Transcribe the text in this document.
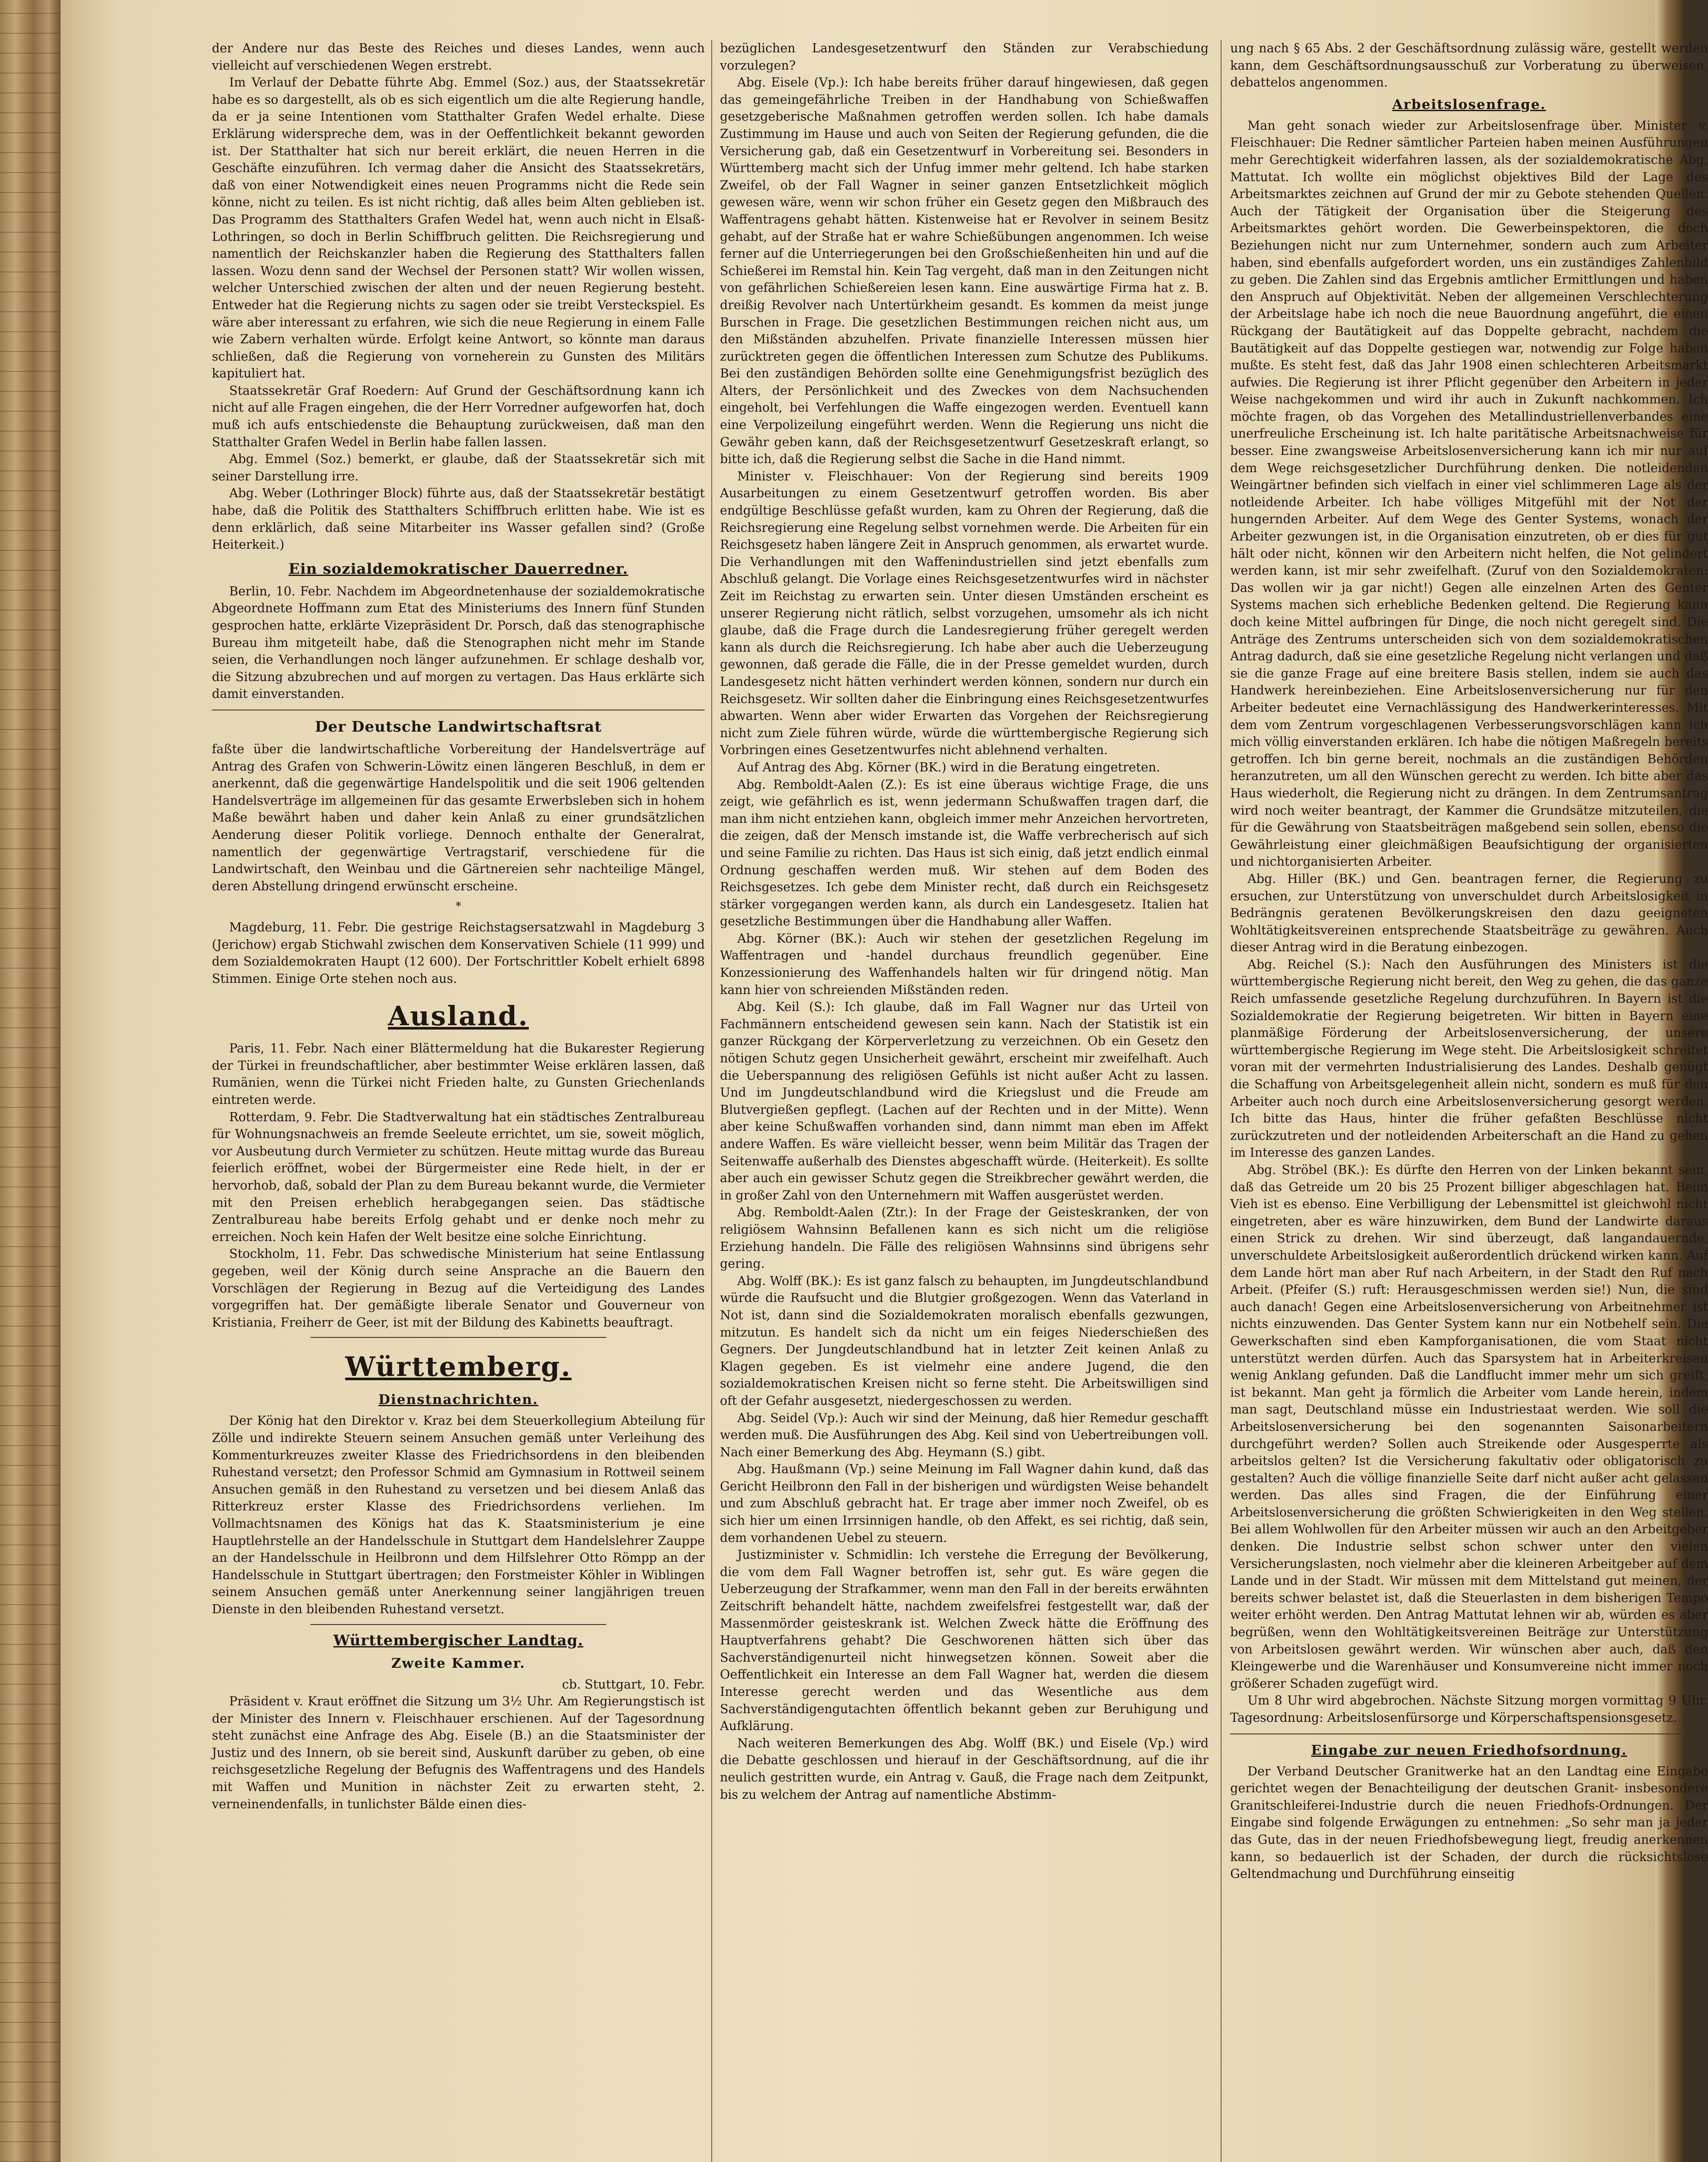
der Andere nur das Beste des Reiches und dieses Landes, wenn auch vielleicht auf verschiedenen Wegen erstrebt.

Im Verlauf der Debatte führte Abg. Emmel (Soz.) aus, der Staatssekretär habe es so dargestellt, als ob es sich eigentlich um die alte Regierung handle, da er ja seine Intentionen vom Statthalter Grafen Wedel erhalte. Diese Erklärung widerspreche dem, was in der Oeffentlichkeit bekannt geworden ist. Der Statthalter hat sich nur bereit erklärt, die neuen Herren in die Geschäfte einzuführen. Ich vermag daher die Ansicht des Staatssekretärs, daß von einer Notwendigkeit eines neuen Programms nicht die Rede sein könne, nicht zu teilen. Es ist nicht richtig, daß alles beim Alten geblieben ist. Das Programm des Statthalters Grafen Wedel hat, wenn auch nicht in Elsaß-Lothringen, so doch in Berlin Schiffbruch gelitten. Die Reichsregierung und namentlich der Reichskanzler haben die Regierung des Statthalters fallen lassen. Wozu denn sand der Wechsel der Personen statt? Wir wollen wissen, welcher Unterschied zwischen der alten und der neuen Regierung besteht. Entweder hat die Regierung nichts zu sagen oder sie treibt Versteckspiel. Es wäre aber interessant zu erfahren, wie sich die neue Regierung in einem Falle wie Zabern verhalten würde. Erfolgt keine Antwort, so könnte man daraus schließen, daß die Regierung von vorneherein zu Gunsten des Militärs kapituliert hat.

Staatssekretär Graf Roedern: Auf Grund der Geschäftsordnung kann ich nicht auf alle Fragen eingehen, die der Herr Vorredner aufgeworfen hat, doch muß ich aufs entschiedenste die Behauptung zurückweisen, daß man den Statthalter Grafen Wedel in Berlin habe fallen lassen.

Abg. Emmel (Soz.) bemerkt, er glaube, daß der Staatssekretär sich mit seiner Darstellung irre.

Abg. Weber (Lothringer Block) führte aus, daß der Staatssekretär bestätigt habe, daß die Politik des Statthalters Schiffbruch erlitten habe. Wie ist es denn erklärlich, daß seine Mitarbeiter ins Wasser gefallen sind? (Große Heiterkeit.)

Ein sozialdemokratischer Dauerredner.

Berlin, 10. Febr. Nachdem im Abgeordnetenhause der sozialdemokratische Abgeordnete Hoffmann zum Etat des Ministeriums des Innern fünf Stunden gesprochen hatte, erklärte Vizepräsident Dr. Porsch, daß das stenographische Bureau ihm mitgeteilt habe, daß die Stenographen nicht mehr im Stande seien, die Verhandlungen noch länger aufzunehmen. Er schlage deshalb vor, die Sitzung abzubrechen und auf morgen zu vertagen. Das Haus erklärte sich damit einverstanden.

Der Deutsche Landwirtschaftsrat

faßte über die landwirtschaftliche Vorbereitung der Handelsverträge auf Antrag des Grafen von Schwerin-Löwitz einen längeren Beschluß, in dem er anerkennt, daß die gegenwärtige Handelspolitik und die seit 1906 geltenden Handelsverträge im allgemeinen für das gesamte Erwerbsleben sich in hohem Maße bewährt haben und daher kein Anlaß zu einer grundsätzlichen Aenderung dieser Politik vorliege. Dennoch enthalte der Generalrat, namentlich der gegenwärtige Vertragstarif, verschiedene für die Landwirtschaft, den Weinbau und die Gärtnereien sehr nachteilige Mängel, deren Abstellung dringend erwünscht erscheine.

*

Magdeburg, 11. Febr. Die gestrige Reichstagsersatzwahl in Magdeburg 3 (Jerichow) ergab Stichwahl zwischen dem Konservativen Schiele (11 999) und dem Sozialdemokraten Haupt (12 600). Der Fortschrittler Kobelt erhielt 6898 Stimmen. Einige Orte stehen noch aus.

Ausland.

Paris, 11. Febr. Nach einer Blättermeldung hat die Bukarester Regierung der Türkei in freundschaftlicher, aber bestimmter Weise erklären lassen, daß Rumänien, wenn die Türkei nicht Frieden halte, zu Gunsten Griechenlands eintreten werde.

Rotterdam, 9. Febr. Die Stadtverwaltung hat ein städtisches Zentralbureau für Wohnungsnachweis an fremde Seeleute errichtet, um sie, soweit möglich, vor Ausbeutung durch Vermieter zu schützen. Heute mittag wurde das Bureau feierlich eröffnet, wobei der Bürgermeister eine Rede hielt, in der er hervorhob, daß, sobald der Plan zu dem Bureau bekannt wurde, die Vermieter mit den Preisen erheblich herabgegangen seien. Das städtische Zentralbureau habe bereits Erfolg gehabt und er denke noch mehr zu erreichen. Noch kein Hafen der Welt besitze eine solche Einrichtung.

Stockholm, 11. Febr. Das schwedische Ministerium hat seine Entlassung gegeben, weil der König durch seine Ansprache an die Bauern den Vorschlägen der Regierung in Bezug auf die Verteidigung des Landes vorgegriffen hat. Der gemäßigte liberale Senator und Gouverneur von Kristiania, Freiherr de Geer, ist mit der Bildung des Kabinetts beauftragt.

Württemberg.
Dienstnachrichten.

Der König hat den Direktor v. Kraz bei dem Steuerkollegium Abteilung für Zölle und indirekte Steuern seinem Ansuchen gemäß unter Verleihung des Kommenturkreuzes zweiter Klasse des Friedrichsordens in den bleibenden Ruhestand versetzt; den Professor Schmid am Gymnasium in Rottweil seinem Ansuchen gemäß in den Ruhestand zu versetzen und bei diesem Anlaß das Ritterkreuz erster Klasse des Friedrichsordens verliehen. Im Vollmachtsnamen des Königs hat das K. Staatsministerium je eine Hauptlehrstelle an der Handelsschule in Stuttgart dem Handelslehrer Zauppe an der Handelsschule in Heilbronn und dem Hilfslehrer Otto Römpp an der Handelsschule in Stuttgart übertragen; den Forstmeister Köhler in Wiblingen seinem Ansuchen gemäß unter Anerkennung seiner langjährigen treuen Dienste in den bleibenden Ruhestand versetzt.

Württembergischer Landtag.
Zweite Kammer.

cb. Stuttgart, 10. Febr.

Präsident v. Kraut eröffnet die Sitzung um 3½ Uhr. Am Regierungstisch ist der Minister des Innern v. Fleischhauer erschienen. Auf der Tagesordnung steht zunächst eine Anfrage des Abg. Eisele (B.) an die Staatsminister der Justiz und des Innern, ob sie bereit sind, Auskunft darüber zu geben, ob eine reichsgesetzliche Regelung der Befugnis des Waffentragens und des Handels mit Waffen und Munition in nächster Zeit zu erwarten steht, 2. verneinendenfalls, in tunlichster Bälde einen dies-

bezüglichen Landesgesetzentwurf den Ständen zur Verabschiedung vorzulegen?

Abg. Eisele (Vp.): Ich habe bereits früher darauf hingewiesen, daß gegen das gemeingefährliche Treiben in der Handhabung von Schießwaffen gesetzgeberische Maßnahmen getroffen werden sollen. Ich habe damals Zustimmung im Hause und auch von Seiten der Regierung gefunden, die die Versicherung gab, daß ein Gesetzentwurf in Vorbereitung sei. Besonders in Württemberg macht sich der Unfug immer mehr geltend. Ich habe starken Zweifel, ob der Fall Wagner in seiner ganzen Entsetzlichkeit möglich gewesen wäre, wenn wir schon früher ein Gesetz gegen den Mißbrauch des Waffentragens gehabt hätten. Kistenweise hat er Revolver in seinem Besitz gehabt, auf der Straße hat er wahre Schießübungen angenommen. Ich weise ferner auf die Unterriegerungen bei den Großschießenheiten hin und auf die Schießerei im Remstal hin. Kein Tag vergeht, daß man in den Zeitungen nicht von gefährlichen Schießereien lesen kann. Eine auswärtige Firma hat z. B. dreißig Revolver nach Untertürkheim gesandt. Es kommen da meist junge Burschen in Frage. Die gesetzlichen Bestimmungen reichen nicht aus, um den Mißständen abzuhelfen. Private finanzielle Interessen müssen hier zurücktreten gegen die öffentlichen Interessen zum Schutze des Publikums. Bei den zuständigen Behörden sollte eine Genehmigungsfrist bezüglich des Alters, der Persönlichkeit und des Zweckes von dem Nachsuchenden eingeholt, bei Verfehlungen die Waffe eingezogen werden. Eventuell kann eine Verpolizeilung eingeführt werden. Wenn die Regierung uns nicht die Gewähr geben kann, daß der Reichsgesetzentwurf Gesetzeskraft erlangt, so bitte ich, daß die Regierung selbst die Sache in die Hand nimmt.

Minister v. Fleischhauer: Von der Regierung sind bereits 1909 Ausarbeitungen zu einem Gesetzentwurf getroffen worden. Bis aber endgültige Beschlüsse gefaßt wurden, kam zu Ohren der Regierung, daß die Reichsregierung eine Regelung selbst vornehmen werde. Die Arbeiten für ein Reichsgesetz haben längere Zeit in Anspruch genommen, als erwartet wurde. Die Verhandlungen mit den Waffenindustriellen sind jetzt ebenfalls zum Abschluß gelangt. Die Vorlage eines Reichsgesetzentwurfes wird in nächster Zeit im Reichstag zu erwarten sein. Unter diesen Umständen erscheint es unserer Regierung nicht rätlich, selbst vorzugehen, umsomehr als ich nicht glaube, daß die Frage durch die Landesregierung früher geregelt werden kann als durch die Reichsregierung. Ich habe aber auch die Ueberzeugung gewonnen, daß gerade die Fälle, die in der Presse gemeldet wurden, durch Landesgesetz nicht hätten verhindert werden können, sondern nur durch ein Reichsgesetz. Wir sollten daher die Einbringung eines Reichsgesetzentwurfes abwarten. Wenn aber wider Erwarten das Vorgehen der Reichsregierung nicht zum Ziele führen würde, würde die württembergische Regierung sich Vorbringen eines Gesetzentwurfes nicht ablehnend verhalten.

Auf Antrag des Abg. Körner (BK.) wird in die Beratung eingetreten.

Abg. Remboldt-Aalen (Z.): Es ist eine überaus wichtige Frage, die uns zeigt, wie gefährlich es ist, wenn jedermann Schußwaffen tragen darf, die man ihm nicht entziehen kann, obgleich immer mehr Anzeichen hervortreten, die zeigen, daß der Mensch imstande ist, die Waffe verbrecherisch auf sich und seine Familie zu richten. Das Haus ist sich einig, daß jetzt endlich einmal Ordnung geschaffen werden muß. Wir stehen auf dem Boden des Reichsgesetzes. Ich gebe dem Minister recht, daß durch ein Reichsgesetz stärker vorgegangen werden kann, als durch ein Landesgesetz. Italien hat gesetzliche Bestimmungen über die Handhabung aller Waffen.

Abg. Körner (BK.): Auch wir stehen der gesetzlichen Regelung im Waffentragen und -handel durchaus freundlich gegenüber. Eine Konzessionierung des Waffenhandels halten wir für dringend nötig. Man kann hier von schreienden Mißständen reden.

Abg. Keil (S.): Ich glaube, daß im Fall Wagner nur das Urteil von Fachmännern entscheidend gewesen sein kann. Nach der Statistik ist ein ganzer Rückgang der Körperverletzung zu verzeichnen. Ob ein Gesetz den nötigen Schutz gegen Unsicherheit gewährt, erscheint mir zweifelhaft. Auch die Ueberspannung des religiösen Gefühls ist nicht außer Acht zu lassen. Und im Jungdeutschlandbund wird die Kriegslust und die Freude am Blutvergießen gepflegt. (Lachen auf der Rechten und in der Mitte). Wenn aber keine Schußwaffen vorhanden sind, dann nimmt man eben im Affekt andere Waffen. Es wäre vielleicht besser, wenn beim Militär das Tragen der Seitenwaffe außerhalb des Dienstes abgeschafft würde. (Heiterkeit). Es sollte aber auch ein gewisser Schutz gegen die Streikbrecher gewährt werden, die in großer Zahl von den Unternehmern mit Waffen ausgerüstet werden.

Abg. Remboldt-Aalen (Ztr.): In der Frage der Geisteskranken, der von religiösem Wahnsinn Befallenen kann es sich nicht um die religiöse Erziehung handeln. Die Fälle des religiösen Wahnsinns sind übrigens sehr gering.

Abg. Wolff (BK.): Es ist ganz falsch zu behaupten, im Jungdeutschlandbund würde die Raufsucht und die Blutgier großgezogen. Wenn das Vaterland in Not ist, dann sind die Sozialdemokraten moralisch ebenfalls gezwungen, mitzutun. Es handelt sich da nicht um ein feiges Niederschießen des Gegners. Der Jungdeutschlandbund hat in letzter Zeit keinen Anlaß zu Klagen gegeben. Es ist vielmehr eine andere Jugend, die den sozialdemokratischen Kreisen nicht so ferne steht. Die Arbeitswilligen sind oft der Gefahr ausgesetzt, niedergeschossen zu werden.

Abg. Seidel (Vp.): Auch wir sind der Meinung, daß hier Remedur geschafft werden muß. Die Ausführungen des Abg. Keil sind von Uebertreibungen voll. Nach einer Bemerkung des Abg. Heymann (S.) gibt.

Abg. Haußmann (Vp.) seine Meinung im Fall Wagner dahin kund, daß das Gericht Heilbronn den Fall in der bisherigen und würdigsten Weise behandelt und zum Abschluß gebracht hat. Er trage aber immer noch Zweifel, ob es sich hier um einen Irrsinnigen handle, ob den Affekt, es sei richtig, daß sein, dem vorhandenen Uebel zu steuern.

Justizminister v. Schmidlin: Ich verstehe die Erregung der Bevölkerung, die vom dem Fall Wagner betroffen ist, sehr gut. Es wäre gegen die Ueberzeugung der Strafkammer, wenn man den Fall in der bereits erwähnten Zeitschrift behandelt hätte, nachdem zweifelsfrei festgestellt war, daß der Massenmörder geisteskrank ist. Welchen Zweck hätte die Eröffnung des Hauptverfahrens gehabt? Die Geschworenen hätten sich über das Sachverständigenurteil nicht hinwegsetzen können. Soweit aber die Oeffentlichkeit ein Interesse an dem Fall Wagner hat, werden die diesem Interesse gerecht werden und das Wesentliche aus dem Sachverständigengutachten öffentlich bekannt geben zur Beruhigung und Aufklärung.

Nach weiteren Bemerkungen des Abg. Wolff (BK.) und Eisele (Vp.) wird die Debatte geschlossen und hierauf in der Geschäftsordnung, auf die ihr neulich gestritten wurde, ein Antrag v. Gauß, die Frage nach dem Zeitpunkt, bis zu welchem der Antrag auf namentliche Abstimm-

ung nach § 65 Abs. 2 der Geschäftsordnung zulässig wäre, gestellt werden kann, dem Geschäftsordnungsausschuß zur Vorberatung zu überweisen, debattelos angenommen.

Arbeitslosenfrage.

Man geht sonach wieder zur Arbeitslosenfrage über. Minister v. Fleischhauer: Die Redner sämtlicher Parteien haben meinen Ausführungen mehr Gerechtigkeit widerfahren lassen, als der sozialdemokratische Abg. Mattutat. Ich wollte ein möglichst objektives Bild der Lage des Arbeitsmarktes zeichnen auf Grund der mir zu Gebote stehenden Quellen. Auch der Tätigkeit der Organisation über die Steigerung des Arbeitsmarktes gehört worden. Die Gewerbeinspektoren, die doch Beziehungen nicht nur zum Unternehmer, sondern auch zum Arbeiter haben, sind ebenfalls aufgefordert worden, uns ein zuständiges Zahlenbild zu geben. Die Zahlen sind das Ergebnis amtlicher Ermittlungen und haben den Anspruch auf Objektivität. Neben der allgemeinen Verschlechterung der Arbeitslage habe ich noch die neue Bauordnung angeführt, die einen Rückgang der Bautätigkeit auf das Doppelte gebracht, nachdem die Bautätigkeit auf das Doppelte gestiegen war, notwendig zur Folge haben mußte. Es steht fest, daß das Jahr 1908 einen schlechteren Arbeitsmarkt aufwies. Die Regierung ist ihrer Pflicht gegenüber den Arbeitern in jeder Weise nachgekommen und wird ihr auch in Zukunft nachkommen. Ich möchte fragen, ob das Vorgehen des Metallindustriellenverbandes eine unerfreuliche Erscheinung ist. Ich halte paritätische Arbeitsnachweise für besser. Eine zwangsweise Arbeitslosenversicherung kann ich mir nur auf dem Wege reichsgesetzlicher Durchführung denken. Die notleidenden Weingärtner befinden sich vielfach in einer viel schlimmeren Lage als der notleidende Arbeiter. Ich habe völliges Mitgefühl mit der Not der hungernden Arbeiter. Auf dem Wege des Genter Systems, wonach der Arbeiter gezwungen ist, in die Organisation einzutreten, ob er dies für gut hält oder nicht, können wir den Arbeitern nicht helfen, die Not gelindert werden kann, ist mir sehr zweifelhaft. (Zuruf von den Sozialdemokraten: Das wollen wir ja gar nicht!) Gegen alle einzelnen Arten des Genter Systems machen sich erhebliche Bedenken geltend. Die Regierung kann doch keine Mittel aufbringen für Dinge, die noch nicht geregelt sind. Die Anträge des Zentrums unterscheiden sich von dem sozialdemokratischen Antrag dadurch, daß sie eine gesetzliche Regelung nicht verlangen und daß sie die ganze Frage auf eine breitere Basis stellen, indem sie auch das Handwerk hereinbeziehen. Eine Arbeitslosenversicherung nur für den Arbeiter bedeutet eine Vernachlässigung des Handwerkerinteresses. Mit dem vom Zentrum vorgeschlagenen Verbesserungsvorschlägen kann ich mich völlig einverstanden erklären. Ich habe die nötigen Maßregeln bereits getroffen. Ich bin gerne bereit, nochmals an die zuständigen Behörden heranzutreten, um all den Wünschen gerecht zu werden. Ich bitte aber das Haus wiederholt, die Regierung nicht zu drängen. In dem Zentrumsantrag wird noch weiter beantragt, der Kammer die Grundsätze mitzuteilen, die für die Gewährung von Staatsbeiträgen maßgebend sein sollen, ebenso die Gewährleistung einer gleichmäßigen Beaufsichtigung der organisierten und nichtorganisierten Arbeiter.

Abg. Hiller (BK.) und Gen. beantragen ferner, die Regierung zu ersuchen, zur Unterstützung von unverschuldet durch Arbeitslosigkeit in Bedrängnis geratenen Bevölkerungskreisen den dazu geeigneten Wohltätigkeitsvereinen entsprechende Staatsbeiträge zu gewähren. Auch dieser Antrag wird in die Beratung einbezogen.

Abg. Reichel (S.): Nach den Ausführungen des Ministers ist die württembergische Regierung nicht bereit, den Weg zu gehen, die das ganze Reich umfassende gesetzliche Regelung durchzuführen. In Bayern ist die Sozialdemokratie der Regierung beigetreten. Wir bitten in Bayern eine planmäßige Förderung der Arbeitslosenversicherung, der unsere württembergische Regierung im Wege steht. Die Arbeitslosigkeit schreitet voran mit der vermehrten Industrialisierung des Landes. Deshalb genügt die Schaffung von Arbeitsgelegenheit allein nicht, sondern es muß für den Arbeiter auch noch durch eine Arbeitslosenversicherung gesorgt werden. Ich bitte das Haus, hinter die früher gefaßten Beschlüsse nicht zurückzutreten und der notleidenden Arbeiterschaft an die Hand zu gehen im Interesse des ganzen Landes.

Abg. Ströbel (BK.): Es dürfte den Herren von der Linken bekannt sein, daß das Getreide um 20 bis 25 Prozent billiger abgeschlagen hat. Beim Vieh ist es ebenso. Eine Verbilligung der Lebensmittel ist gleichwohl nicht eingetreten, aber es wäre hinzuwirken, dem Bund der Landwirte daraus einen Strick zu drehen. Wir sind überzeugt, daß langandauernde, unverschuldete Arbeitslosigkeit außerordentlich drückend wirken kann. Auf dem Lande hört man aber Ruf nach Arbeitern, in der Stadt den Ruf nach Arbeit. (Pfeifer (S.) ruft: Herausgeschmissen werden sie!) Nun, die sind auch danach! Gegen eine Arbeitslosenversicherung von Arbeitnehmer ist nichts einzuwenden. Das Genter System kann nur ein Notbehelf sein. Die Gewerkschaften sind eben Kampforganisationen, die vom Staat nicht unterstützt werden dürfen. Auch das Sparsystem hat in Arbeiterkreisen wenig Anklang gefunden. Daß die Landflucht immer mehr um sich greift, ist bekannt. Man geht ja förmlich die Arbeiter vom Lande herein, indem man sagt, Deutschland müsse ein Industriestaat werden. Wie soll die Arbeitslosenversicherung bei den sogenannten Saisonarbeitern durchgeführt werden? Sollen auch Streikende oder Ausgesperrte als arbeitslos gelten? Ist die Versicherung fakultativ oder obligatorisch zu gestalten? Auch die völlige finanzielle Seite darf nicht außer acht gelassen werden. Das alles sind Fragen, die der Einführung einer Arbeitslosenversicherung die größten Schwierigkeiten in den Weg stellen. Bei allem Wohlwollen für den Arbeiter müssen wir auch an den Arbeitgeber denken. Die Industrie selbst schon schwer unter den vielen Versicherungslasten, noch vielmehr aber die kleineren Arbeitgeber auf dem Lande und in der Stadt. Wir müssen mit dem Mittelstand gut meinen, der bereits schwer belastet ist, daß die Steuerlasten in dem bisherigen Tempo weiter erhöht werden. Den Antrag Mattutat lehnen wir ab, würden es aber begrüßen, wenn den Wohltätigkeitsvereinen Beiträge zur Unterstützung von Arbeitslosen gewährt werden. Wir wünschen aber auch, daß den Kleingewerbe und die Warenhäuser und Konsumvereine nicht immer noch größerer Schaden zugefügt wird.

Um 8 Uhr wird abgebrochen. Nächste Sitzung morgen vormittag 9 Uhr. Tagesordnung: Arbeitslosenfürsorge und Körperschaftspensionsgesetz.

Eingabe zur neuen Friedhofsordnung.

Der Verband Deutscher Granitwerke hat an den Landtag eine Eingabe gerichtet wegen der Benachteiligung der deutschen Granit- insbesondere Granitschleiferei-Industrie durch die neuen Friedhofs-Ordnungen. Der Eingabe sind folgende Erwägungen zu entnehmen: „So sehr man ja jeder das Gute, das in der neuen Friedhofsbewegung liegt, freudig anerkennen kann, so bedauerlich ist der Schaden, der durch die rücksichtslose Geltendmachung und Durchführung einseitig
